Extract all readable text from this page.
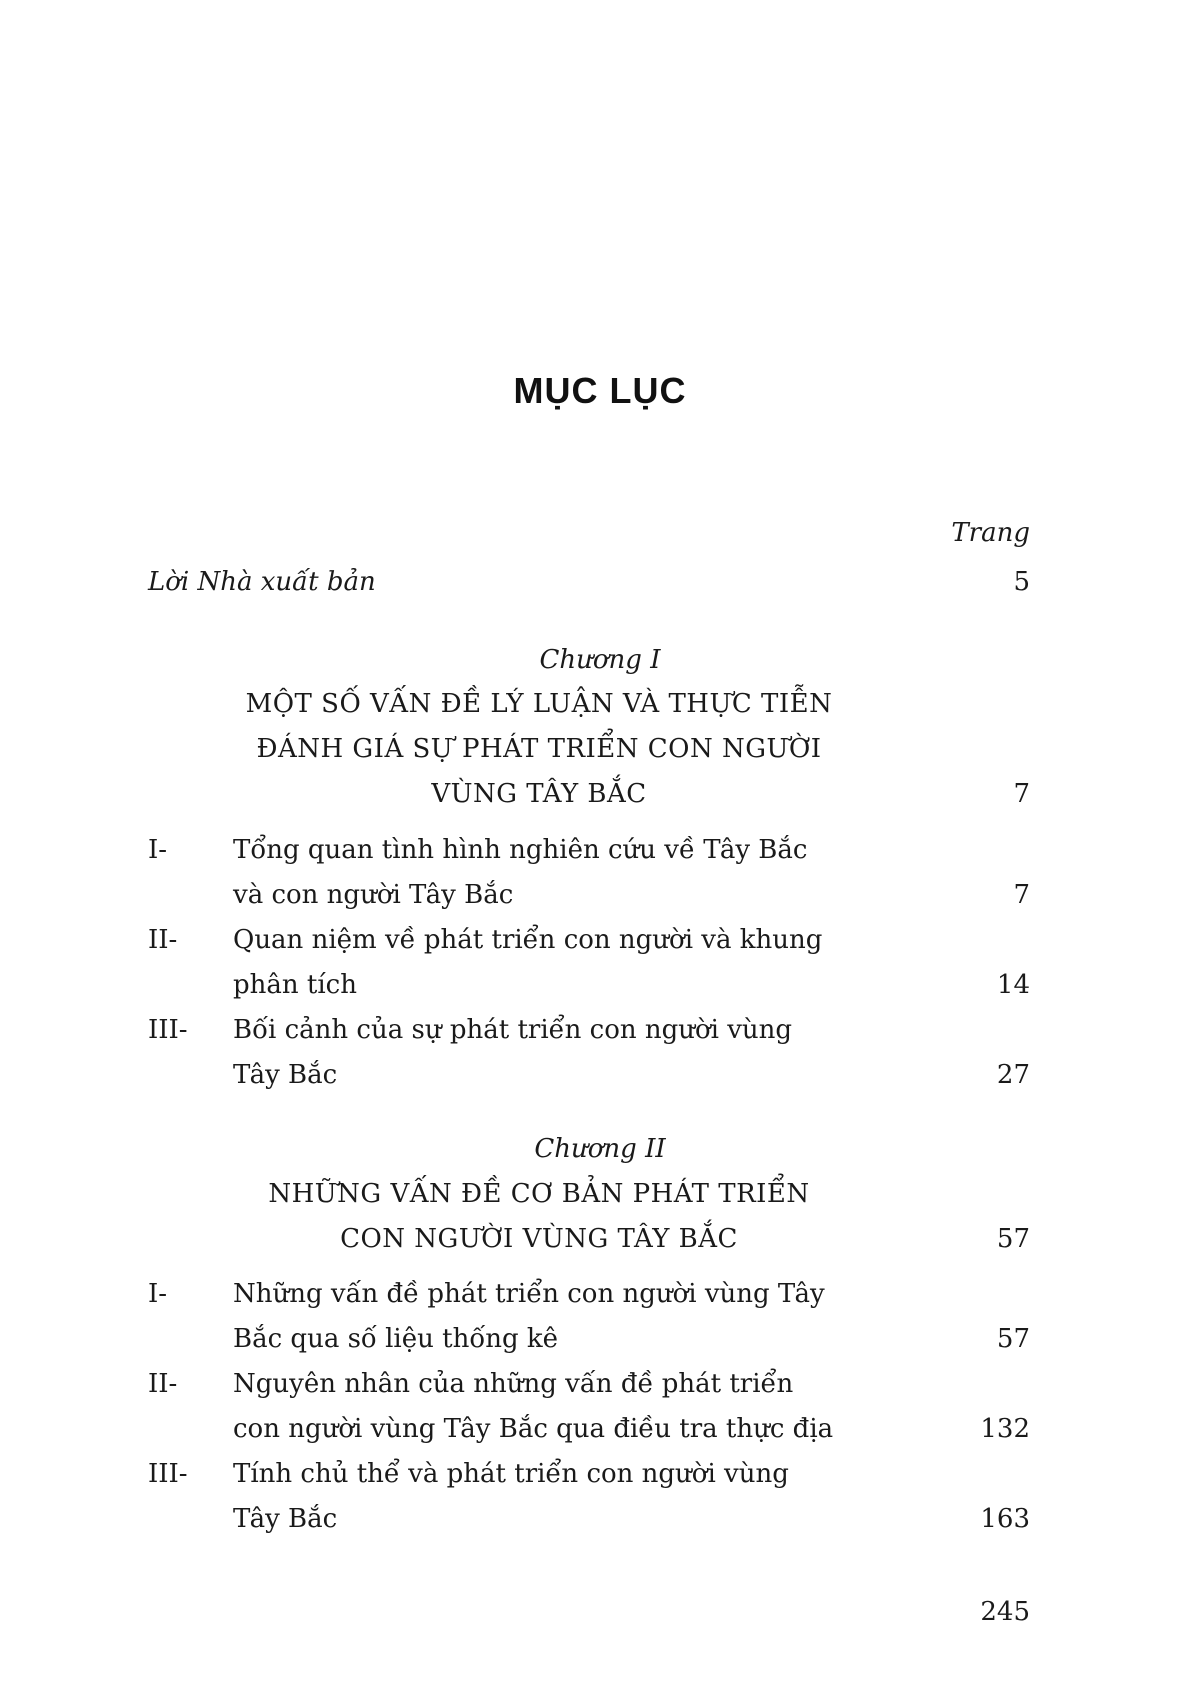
MỤC LỤC
Trang
Lời Nhà xuất bản	5
Chương I
MỘT SỐ VẤN ĐỀ LÝ LUẬN VÀ THỰC TIỄN
ĐÁNH GIÁ SỰ PHÁT TRIỂN CON NGƯỜI
VÙNG TÂY BẮC	7
I-	Tổng quan tình hình nghiên cứu về Tây Bắc
và con người Tây Bắc	7
II- Quan niệm về phát triển con người và khung
phân tích	14
III- Bối cảnh của sự phát triển con người vùng
Tây Bắc	27
Chương II
NHỮNG VẤN ĐỀ CƠ BẢN PHÁT TRIỂN
CON NGƯỜI VÙNG TÂY BẮC	57
I-	Những vấn đề phát triển con người vùng Tây
Bắc qua số liệu thống kê	57
II- Nguyên nhân của những vấn đề phát triển
con người vùng Tây Bắc qua điều tra thực địa	132
III- Tính chủ thể và phát triển con người vùng
Tây Bắc	163
245
